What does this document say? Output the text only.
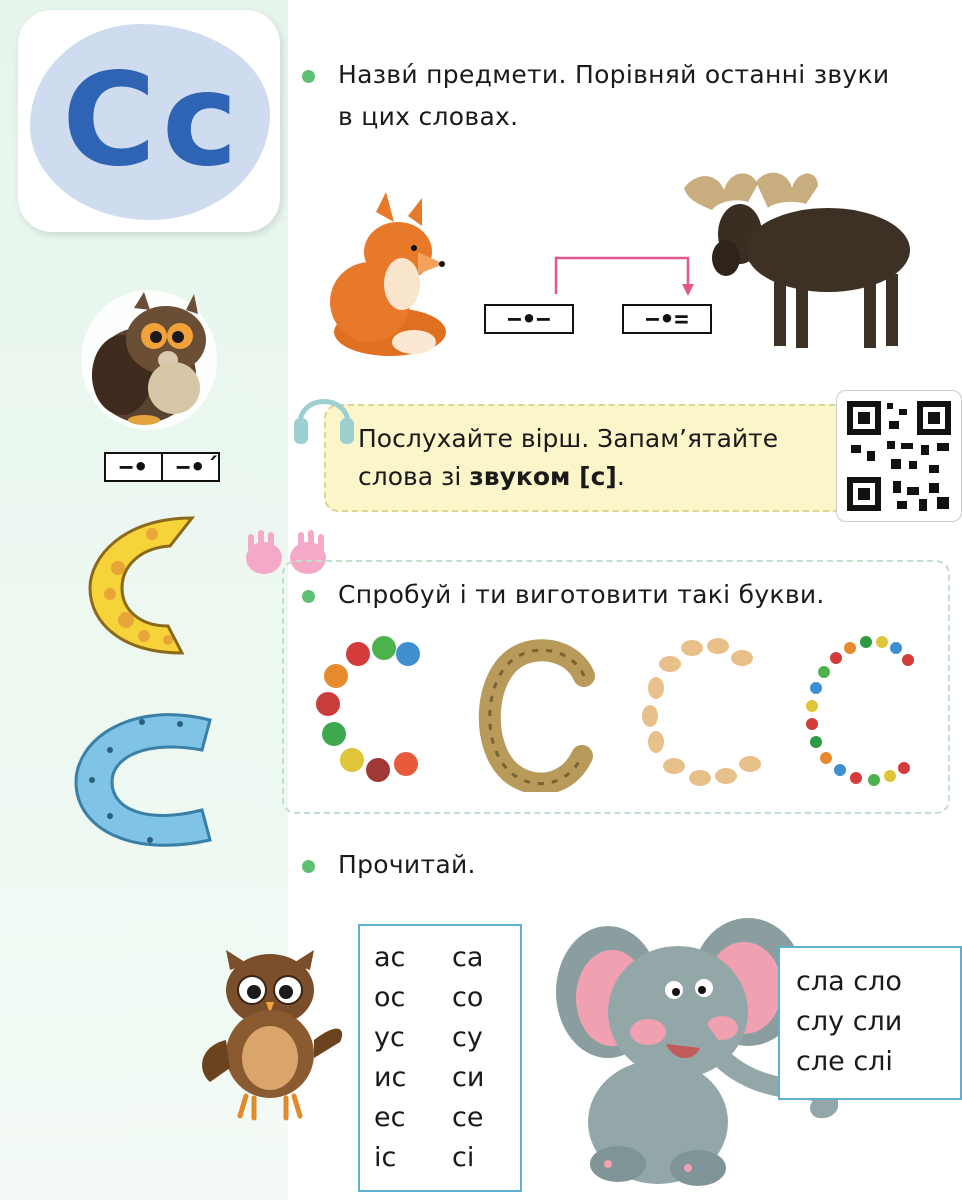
Сс
−•	−•́
Назви́ предмети. Порівняй останні звуки
в цих словах.
−•−	−•=
Послухайте вірш. Запам’ятайте
слова зі звуком [с].
Спробуй і ти виготовити такі букви.
Прочитай.
ас
ос
ус
ис
ес
іс
са
со
су
си
се
сі
сла сло
слу сли
сле слі
